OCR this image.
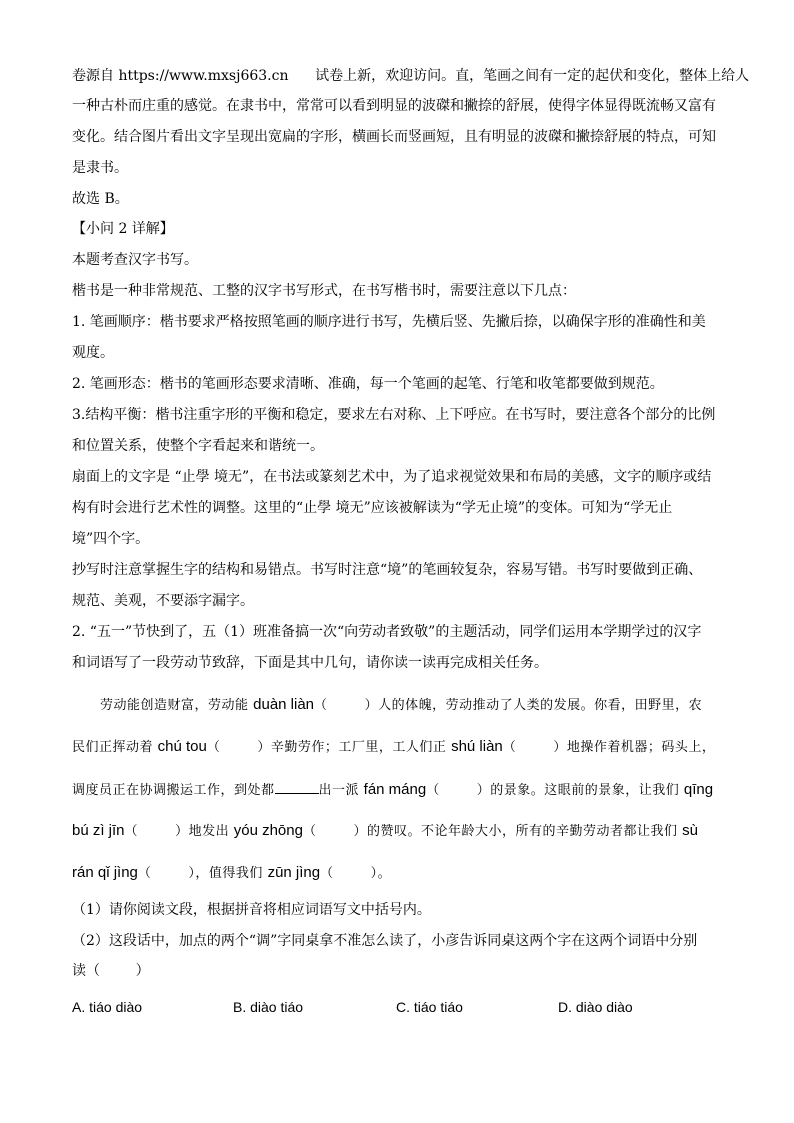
卷源自 https://www.mxsj663.cn      试卷上新，欢迎访问。直，笔画之间有一定的起伏和变化，整体上给人
一种古朴而庄重的感觉。在隶书中，常常可以看到明显的波磔和撇捺的舒展，使得字体显得既流畅又富有
变化。结合图片看出文字呈现出宽扁的字形，横画长而竖画短，且有明显的波磔和撇捺舒展的特点，可知
是隶书。
故选 B。
【小问 2 详解】
本题考查汉字书写。
楷书是一种非常规范、工整的汉字书写形式，在书写楷书时，需要注意以下几点：
1. 笔画顺序：楷书要求严格按照笔画的顺序进行书写，先横后竖、先撇后捺，以确保字形的准确性和美
观度。
2. 笔画形态：楷书的笔画形态要求清晰、准确，每一个笔画的起笔、行笔和收笔都要做到规范。
3.结构平衡：楷书注重字形的平衡和稳定，要求左右对称、上下呼应。在书写时，要注意各个部分的比例
和位置关系，使整个字看起来和谐统一。
扇面上的文字是 “止學 境无”，在书法或篆刻艺术中，为了追求视觉效果和布局的美感，文字的顺序或结
构有时会进行艺术性的调整。这里的“止學 境无”应该被解读为“学无止境”的变体。可知为“学无止
境”四个字。
抄写时注意掌握生字的结构和易错点。书写时注意“境”的笔画较复杂，容易写错。书写时要做到正确、
规范、美观，不要添字漏字。
2. “五一”节快到了，五（1）班准备搞一次“向劳动者致敬”的主题活动，同学们运用本学期学过的汉字
和词语写了一段劳动节致辞，下面是其中几句，请你读一读再完成相关任务。
劳动能创造财富，劳动能 duàn liàn（        ）人的体魄，劳动推动了人类的发展。你看，田野里，农
民们正挥动着 chú tou（        ）辛勤劳作；工厂里，工人们正 shú liàn（        ）地操作着机器；码头上，
调度员正在协调搬运工作，到处都	出一派 fán máng（        ）的景象。这眼前的景象，让我们 qīng
bú zì jīn（        ）地发出 yóu zhōng（        ）的赞叹。不论年龄大小，所有的辛勤劳动者都让我们 sù
rán qǐ jìng（        ），值得我们 zūn jìng（        ）。
（1）请你阅读文段，根据拼音将相应词语写文中括号内。
（2）这段话中，加点的两个“调”字同桌拿不准怎么读了，小彦告诉同桌这两个字在这两个词语中分别
读（        ）
A. tiáo diào	B. diào tiáo	C. tiáo tiáo	D. diào diào
